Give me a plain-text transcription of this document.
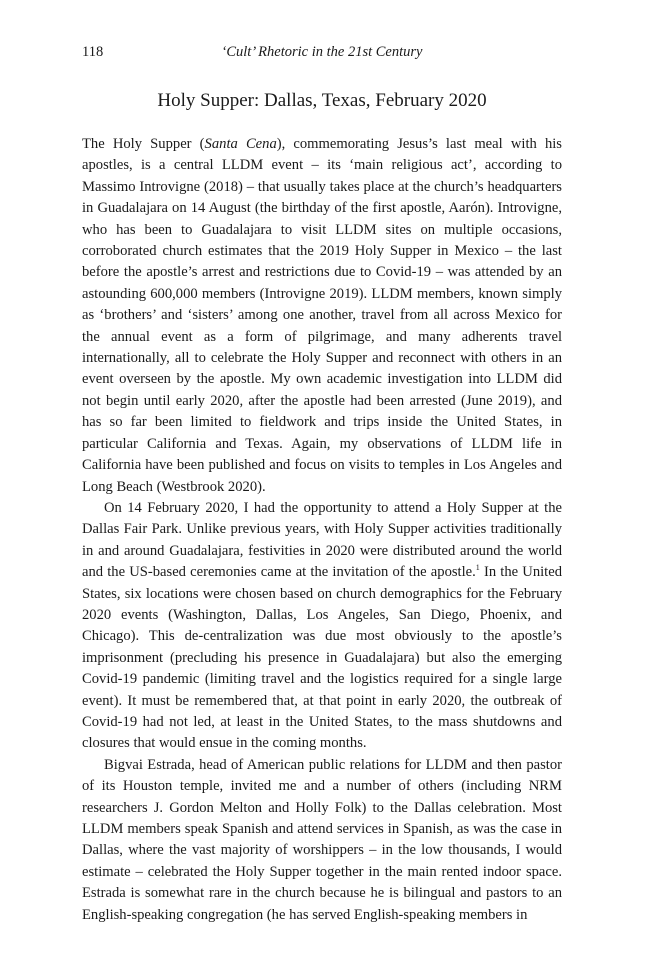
118	‘Cult’ Rhetoric in the 21st Century
Holy Supper: Dallas, Texas, February 2020

The Holy Supper (Santa Cena), commemorating Jesus’s last meal with his apostles, is a central LLDM event – its ‘main religious act’, according to Massimo Introvigne (2018) – that usually takes place at the church’s headquarters in Guadalajara on 14 August (the birthday of the first apostle, Aarón). Introvigne, who has been to Guadalajara to visit LLDM sites on multiple occasions, corroborated church estimates that the 2019 Holy Supper in Mexico – the last before the apostle’s arrest and restrictions due to Covid-19 – was attended by an astounding 600,000 members (Introvigne 2019). LLDM members, known simply as ‘brothers’ and ‘sisters’ among one another, travel from all across Mexico for the annual event as a form of pilgrimage, and many adherents travel internationally, all to celebrate the Holy Supper and reconnect with others in an event overseen by the apostle. My own academic investigation into LLDM did not begin until early 2020, after the apostle had been arrested (June 2019), and has so far been limited to fieldwork and trips inside the United States, in particular California and Texas. Again, my observations of LLDM life in California have been published and focus on visits to temples in Los Angeles and Long Beach (Westbrook 2020).

On 14 February 2020, I had the opportunity to attend a Holy Supper at the Dallas Fair Park. Unlike previous years, with Holy Supper activities traditionally in and around Guadalajara, festivities in 2020 were distributed around the world and the US-based ceremonies came at the invitation of the apostle.$^1$ In the United States, six locations were chosen based on church demographics for the February 2020 events (Washington, Dallas, Los Angeles, San Diego, Phoenix, and Chicago). This de-centralization was due most obviously to the apostle’s imprisonment (precluding his presence in Guadalajara) but also the emerging Covid-19 pandemic (limiting travel and the logistics required for a single large event). It must be remembered that, at that point in early 2020, the outbreak of Covid-19 had not led, at least in the United States, to the mass shutdowns and closures that would ensue in the coming months.

Bigvai Estrada, head of American public relations for LLDM and then pastor of its Houston temple, invited me and a number of others (including NRM researchers J. Gordon Melton and Holly Folk) to the Dallas celebration. Most LLDM members speak Spanish and attend services in Spanish, as was the case in Dallas, where the vast majority of worshippers – in the low thousands, I would estimate – celebrated the Holy Supper together in the main rented indoor space. Estrada is somewhat rare in the church because he is bilingual and pastors to an English-speaking congregation (he has served English-speaking members in
